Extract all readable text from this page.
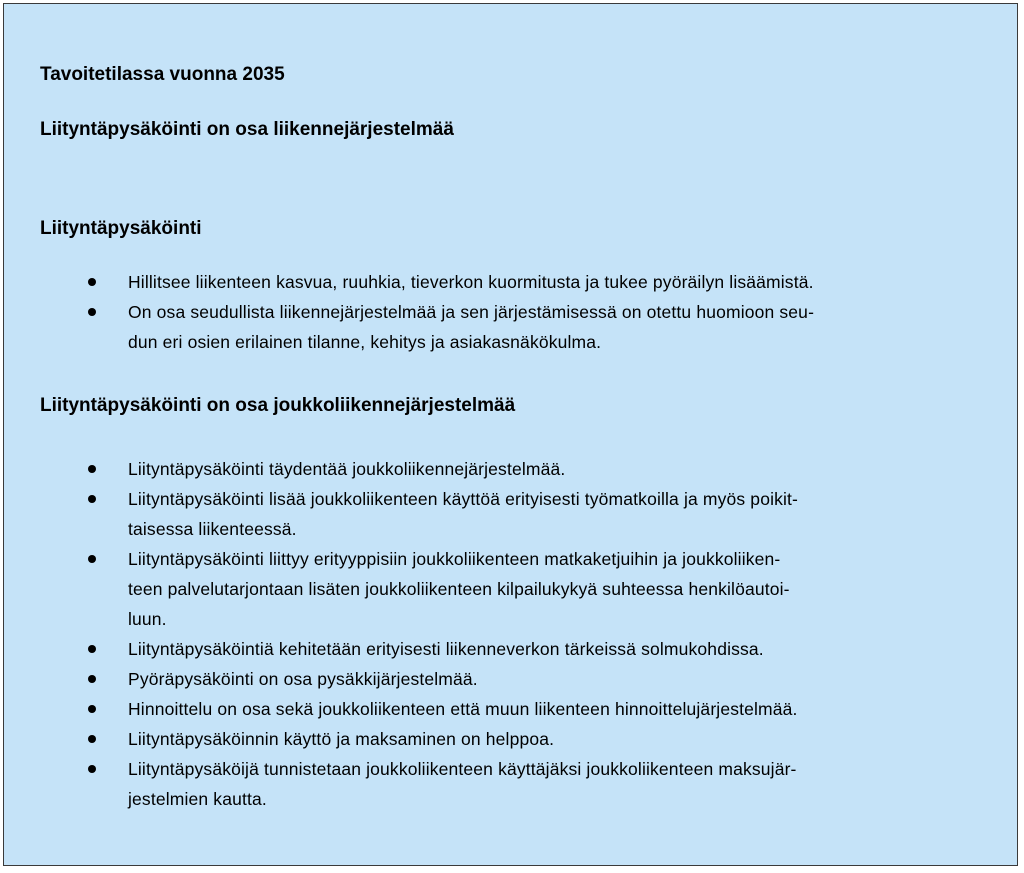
Tavoitetilassa vuonna 2035
Liityntäpysäköinti on osa liikennejärjestelmää
Liityntäpysäköinti
Hillitsee liikenteen kasvua, ruuhkia, tieverkon kuormitusta ja tukee pyöräilyn lisäämistä.
On osa seudullista liikennejärjestelmää ja sen järjestämisessä on otettu huomioon seu-
dun eri osien erilainen tilanne, kehitys ja asiakasnäkökulma.
Liityntäpysäköinti on osa joukkoliikennejärjestelmää
Liityntäpysäköinti täydentää joukkoliikennejärjestelmää.
Liityntäpysäköinti lisää joukkoliikenteen käyttöä erityisesti työmatkoilla ja myös poikit-
taisessa liikenteessä.
Liityntäpysäköinti liittyy erityyppisiin joukkoliikenteen matkaketjuihin ja joukkoliiken-
teen palvelutarjontaan lisäten joukkoliikenteen kilpailukykyä suhteessa henkilöautoi-
luun.
Liityntäpysäköintiä kehitetään erityisesti liikenneverkon tärkeissä solmukohdissa.
Pyöräpysäköinti on osa pysäkkijärjestelmää.
Hinnoittelu on osa sekä joukkoliikenteen että muun liikenteen hinnoittelujärjestelmää.
Liityntäpysäköinnin käyttö ja maksaminen on helppoa.
Liityntäpysäköijä tunnistetaan joukkoliikenteen käyttäjäksi joukkoliikenteen maksujär-
jestelmien kautta.
